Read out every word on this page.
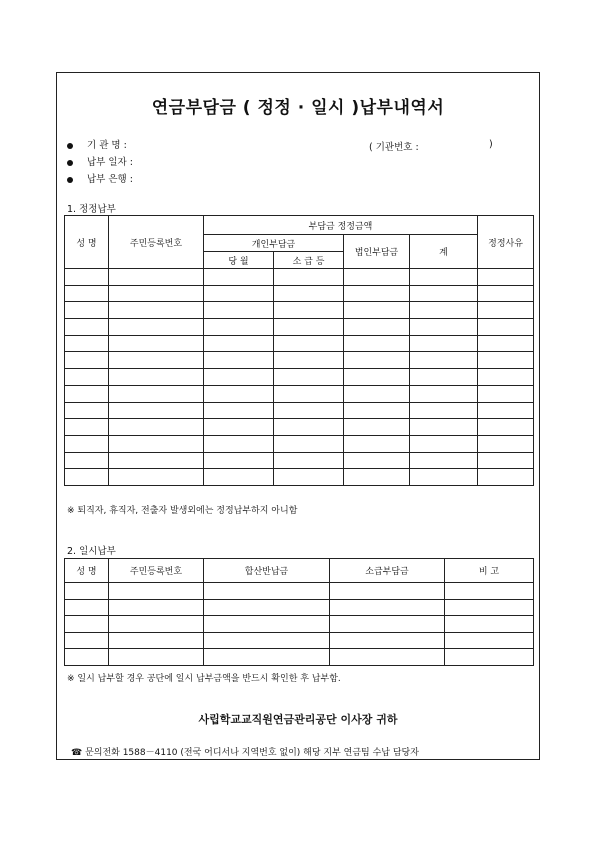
연금부담금 ( 정정 · 일시 )납부내역서
기 관 명 :	( 기관번호 :	)
납부 일자 :
납부 은행 :
1. 정정납부
성 명	주민등록번호	부담금 정정금액				정정사유
		개인부담금		법인부담금	계	
		당 월	소 급 등			

※ 퇴직자, 휴직자, 전출자 발생외에는 정정납부하지 아니함
2. 일시납부
성 명	주민등록번호	합산반납금	소급부담금	비 고

※ 일시 납부할 경우 공단에 일시 납부금액을 반드시 확인한 후 납부함.
사립학교교직원연금관리공단 이사장 귀하
☎ 문의전화 1588－4110 (전국 어디서나 지역번호 없이) 해당 지부 연금팀 수납 담당자
